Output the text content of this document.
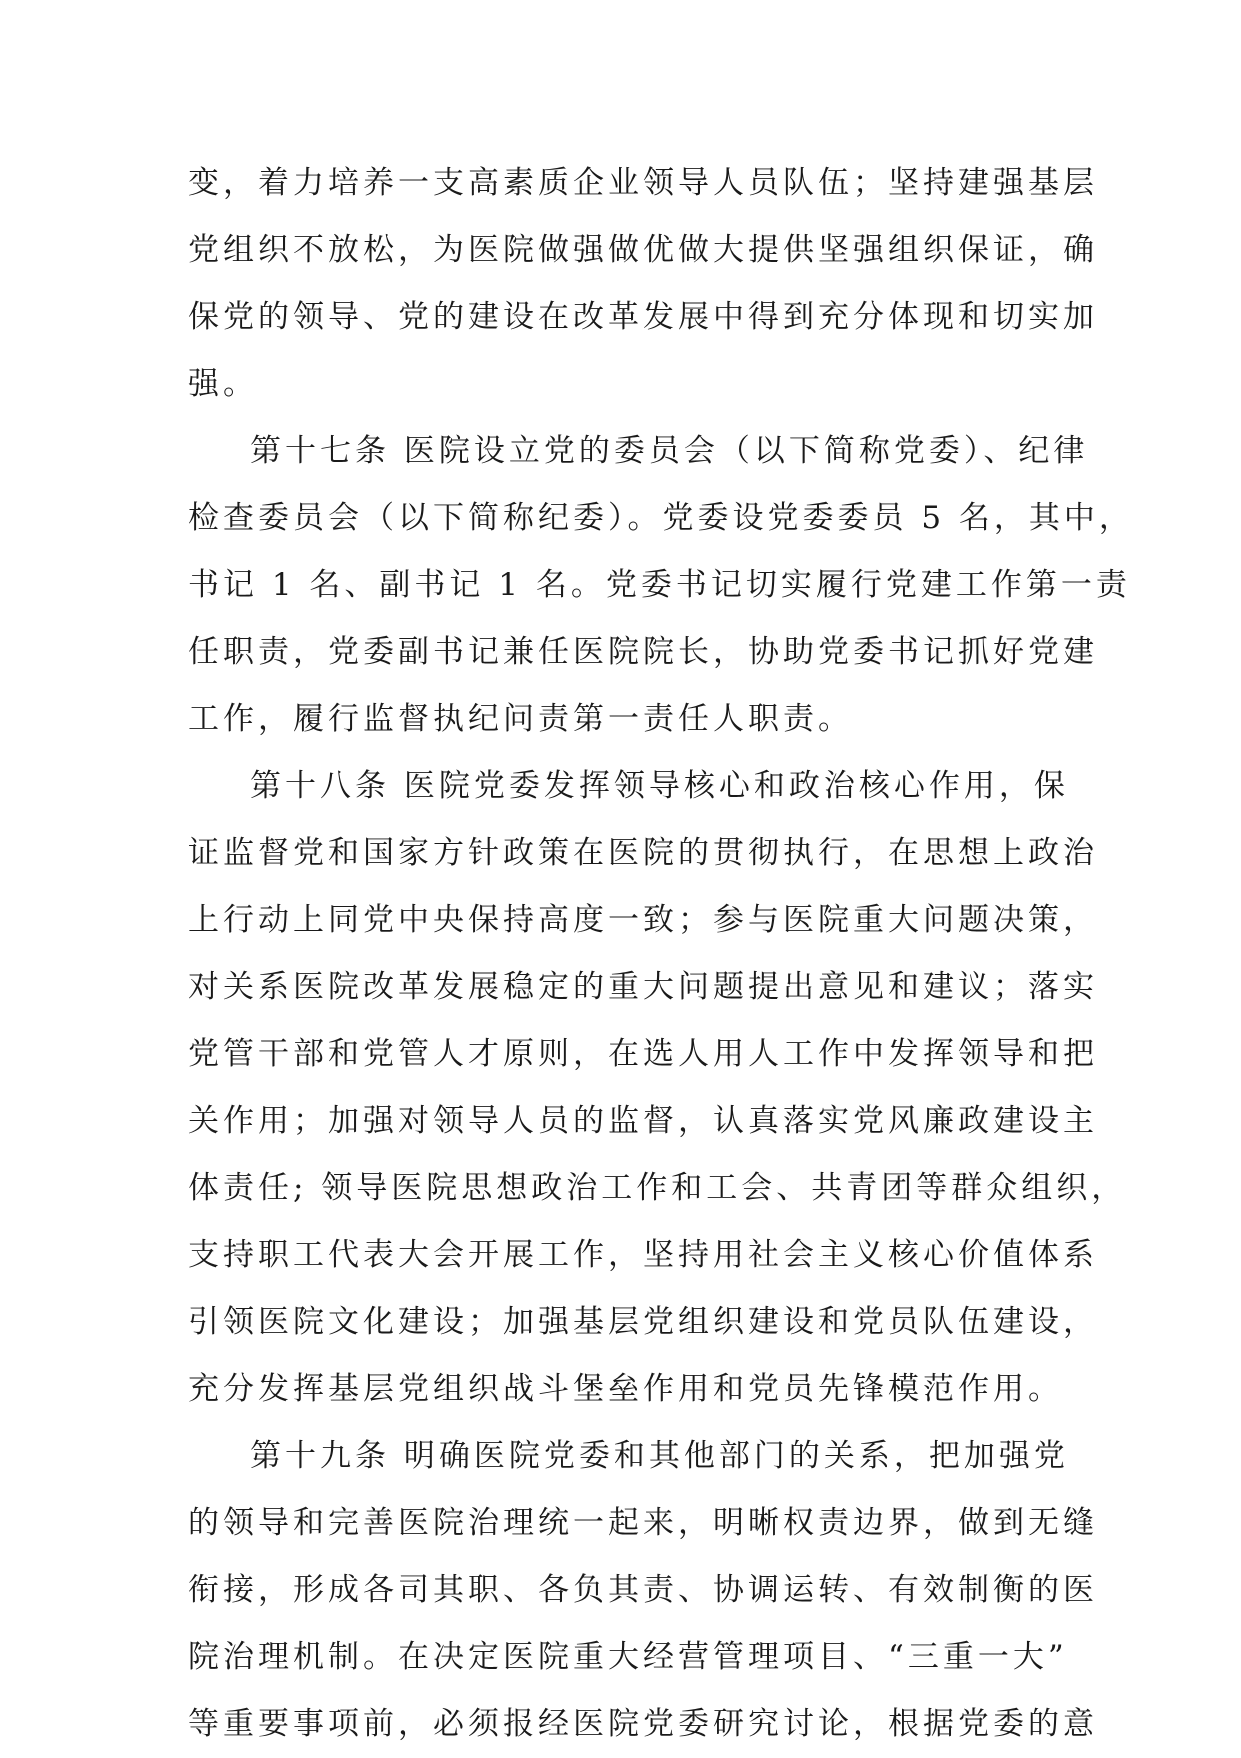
变，着力培养一支高素质企业领导人员队伍；坚持建强基层
党组织不放松，为医院做强做优做大提供坚强组织保证，确
保党的领导、党的建设在改革发展中得到充分体现和切实加
强。

第十七条 医院设立党的委员会（以下简称党委）、纪律
检查委员会（以下简称纪委）。党委设党委委员 5 名，其中，
书记 1 名、副书记 1 名。党委书记切实履行党建工作第一责
任职责，党委副书记兼任医院院长，协助党委书记抓好党建
工作，履行监督执纪问责第一责任人职责。

第十八条 医院党委发挥领导核心和政治核心作用，保
证监督党和国家方针政策在医院的贯彻执行，在思想上政治
上行动上同党中央保持高度一致；参与医院重大问题决策，
对关系医院改革发展稳定的重大问题提出意见和建议；落实
党管干部和党管人才原则，在选人用人工作中发挥领导和把
关作用；加强对领导人员的监督，认真落实党风廉政建设主
体责任; 领导医院思想政治工作和工会、共青团等群众组织，
支持职工代表大会开展工作，坚持用社会主义核心价值体系
引领医院文化建设；加强基层党组织建设和党员队伍建设，
充分发挥基层党组织战斗堡垒作用和党员先锋模范作用。

第十九条 明确医院党委和其他部门的关系，把加强党
的领导和完善医院治理统一起来，明晰权责边界，做到无缝
衔接，形成各司其职、各负其责、协调运转、有效制衡的医
院治理机制。在决定医院重大经营管理项目、“三重一大”
等重要事项前，必须报经医院党委研究讨论，根据党委的意
